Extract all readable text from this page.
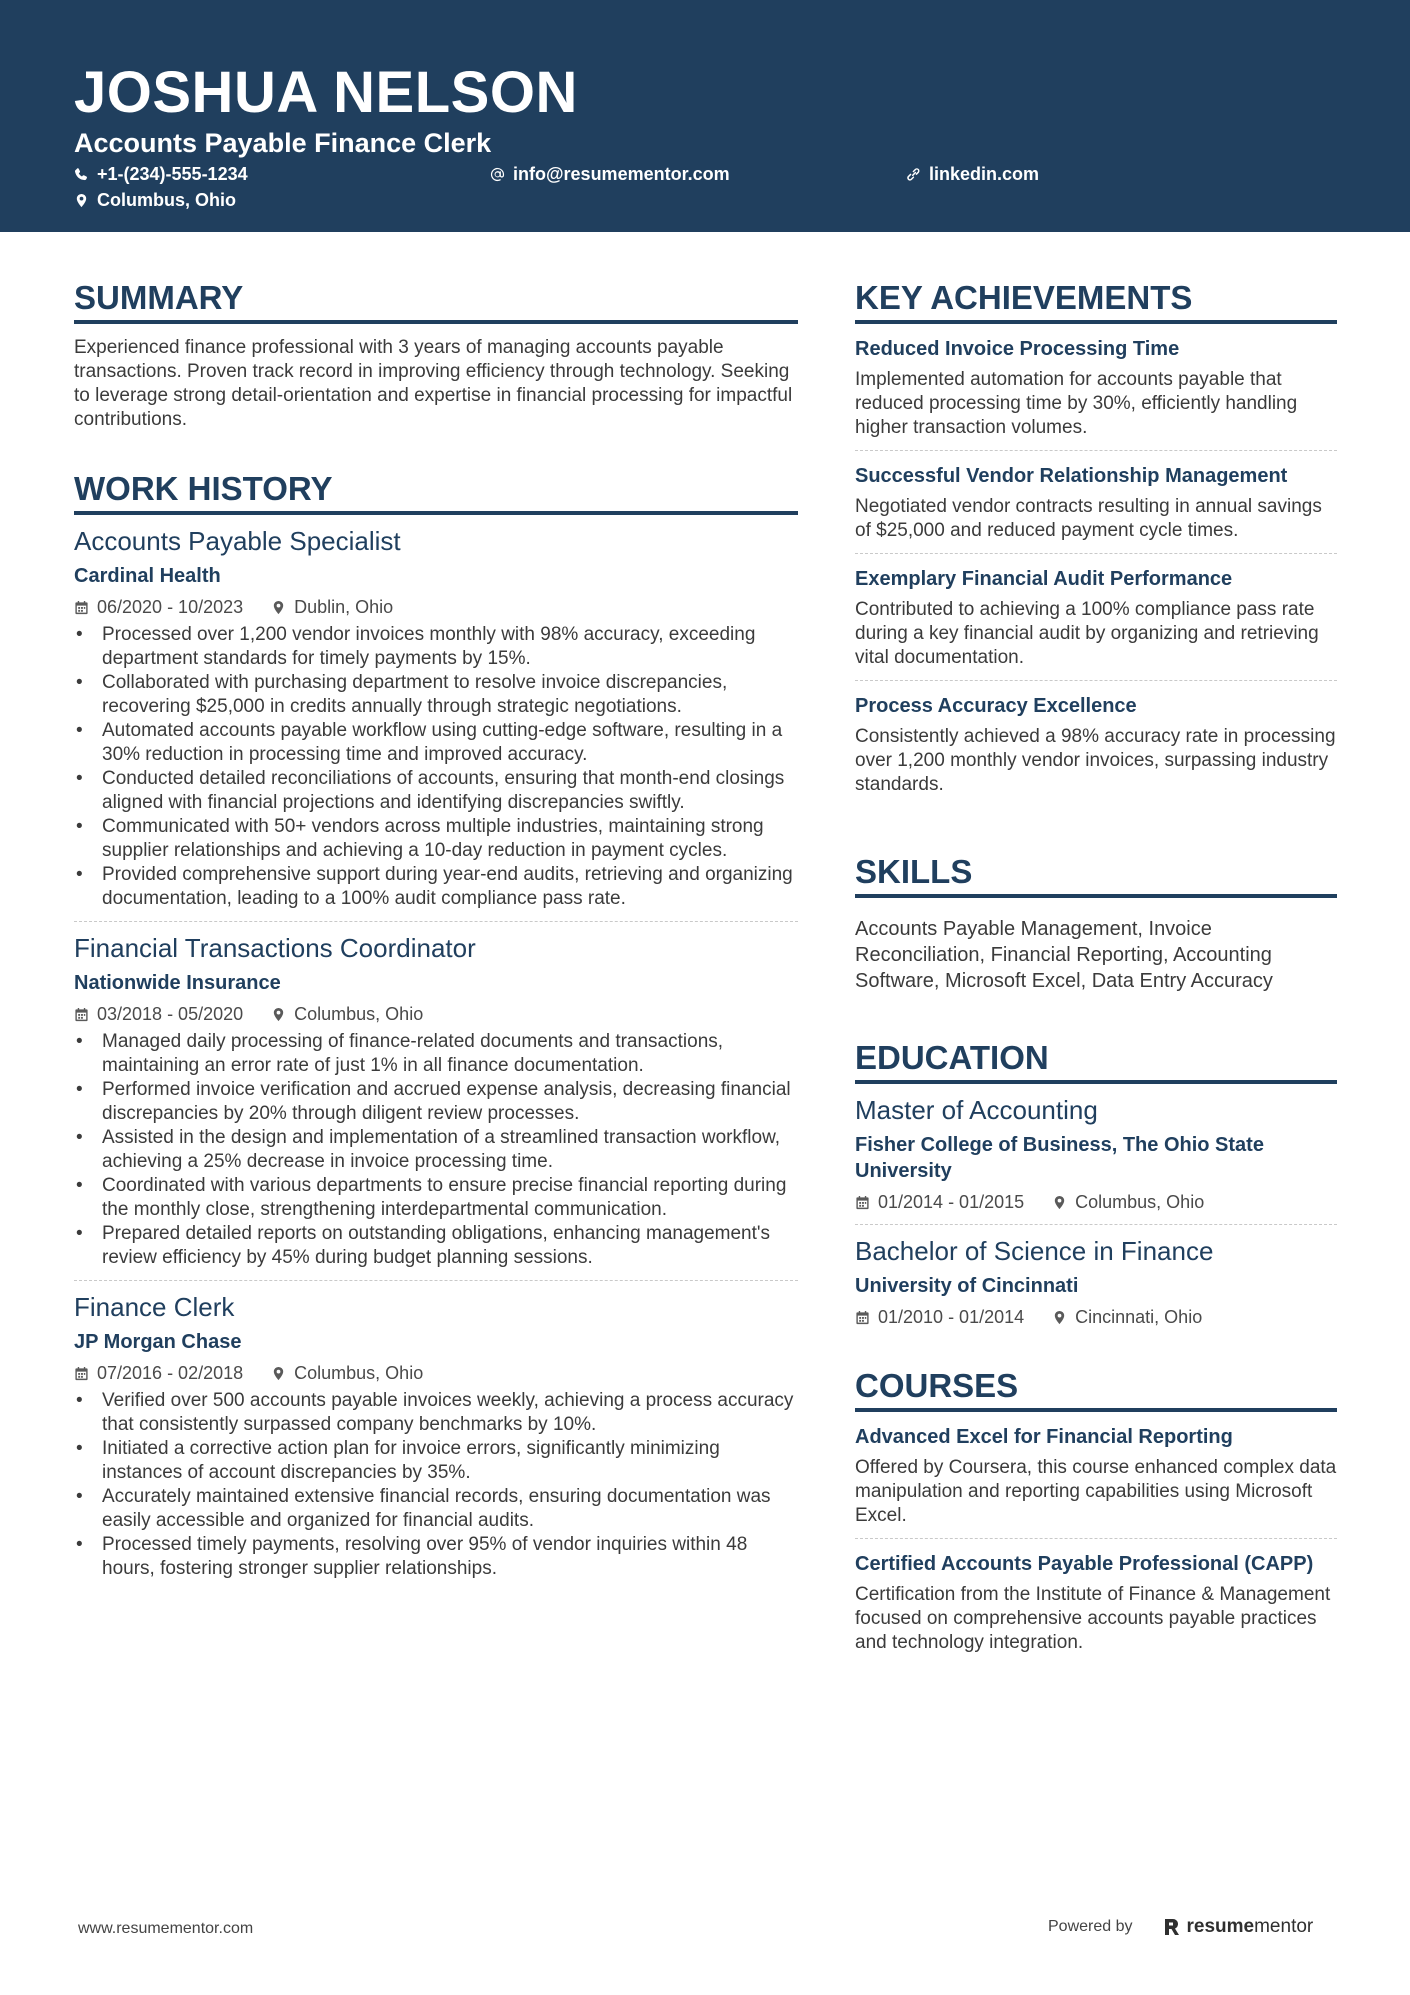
JOSHUA NELSON
Accounts Payable Finance Clerk
+1-(234)-555-1234	info@resumementor.com	linkedin.com
Columbus, Ohio
SUMMARY
Experienced finance professional with 3 years of managing accounts payable transactions. Proven track record in improving efficiency through technology. Seeking to leverage strong detail-orientation and expertise in financial processing for impactful contributions.
WORK HISTORY
Accounts Payable Specialist
Cardinal Health
06/2020 - 10/2023	Dublin, Ohio
• Processed over 1,200 vendor invoices monthly with 98% accuracy, exceeding department standards for timely payments by 15%.
• Collaborated with purchasing department to resolve invoice discrepancies, recovering $25,000 in credits annually through strategic negotiations.
• Automated accounts payable workflow using cutting-edge software, resulting in a 30% reduction in processing time and improved accuracy.
• Conducted detailed reconciliations of accounts, ensuring that month-end closings aligned with financial projections and identifying discrepancies swiftly.
• Communicated with 50+ vendors across multiple industries, maintaining strong supplier relationships and achieving a 10-day reduction in payment cycles.
• Provided comprehensive support during year-end audits, retrieving and organizing documentation, leading to a 100% audit compliance pass rate.
Financial Transactions Coordinator
Nationwide Insurance
03/2018 - 05/2020	Columbus, Ohio
• Managed daily processing of finance-related documents and transactions, maintaining an error rate of just 1% in all finance documentation.
• Performed invoice verification and accrued expense analysis, decreasing financial discrepancies by 20% through diligent review processes.
• Assisted in the design and implementation of a streamlined transaction workflow, achieving a 25% decrease in invoice processing time.
• Coordinated with various departments to ensure precise financial reporting during the monthly close, strengthening interdepartmental communication.
• Prepared detailed reports on outstanding obligations, enhancing management's review efficiency by 45% during budget planning sessions.
Finance Clerk
JP Morgan Chase
07/2016 - 02/2018	Columbus, Ohio
• Verified over 500 accounts payable invoices weekly, achieving a process accuracy that consistently surpassed company benchmarks by 10%.
• Initiated a corrective action plan for invoice errors, significantly minimizing instances of account discrepancies by 35%.
• Accurately maintained extensive financial records, ensuring documentation was easily accessible and organized for financial audits.
• Processed timely payments, resolving over 95% of vendor inquiries within 48 hours, fostering stronger supplier relationships.
KEY ACHIEVEMENTS
Reduced Invoice Processing Time
Implemented automation for accounts payable that reduced processing time by 30%, efficiently handling higher transaction volumes.
Successful Vendor Relationship Management
Negotiated vendor contracts resulting in annual savings of $25,000 and reduced payment cycle times.
Exemplary Financial Audit Performance
Contributed to achieving a 100% compliance pass rate during a key financial audit by organizing and retrieving vital documentation.
Process Accuracy Excellence
Consistently achieved a 98% accuracy rate in processing over 1,200 monthly vendor invoices, surpassing industry standards.
SKILLS
Accounts Payable Management, Invoice Reconciliation, Financial Reporting, Accounting Software, Microsoft Excel, Data Entry Accuracy
EDUCATION
Master of Accounting
Fisher College of Business, The Ohio State University
01/2014 - 01/2015	Columbus, Ohio
Bachelor of Science in Finance
University of Cincinnati
01/2010 - 01/2014	Cincinnati, Ohio
COURSES
Advanced Excel for Financial Reporting
Offered by Coursera, this course enhanced complex data manipulation and reporting capabilities using Microsoft Excel.
Certified Accounts Payable Professional (CAPP)
Certification from the Institute of Finance & Management focused on comprehensive accounts payable practices and technology integration.
www.resumementor.com	Powered by	resumementor
